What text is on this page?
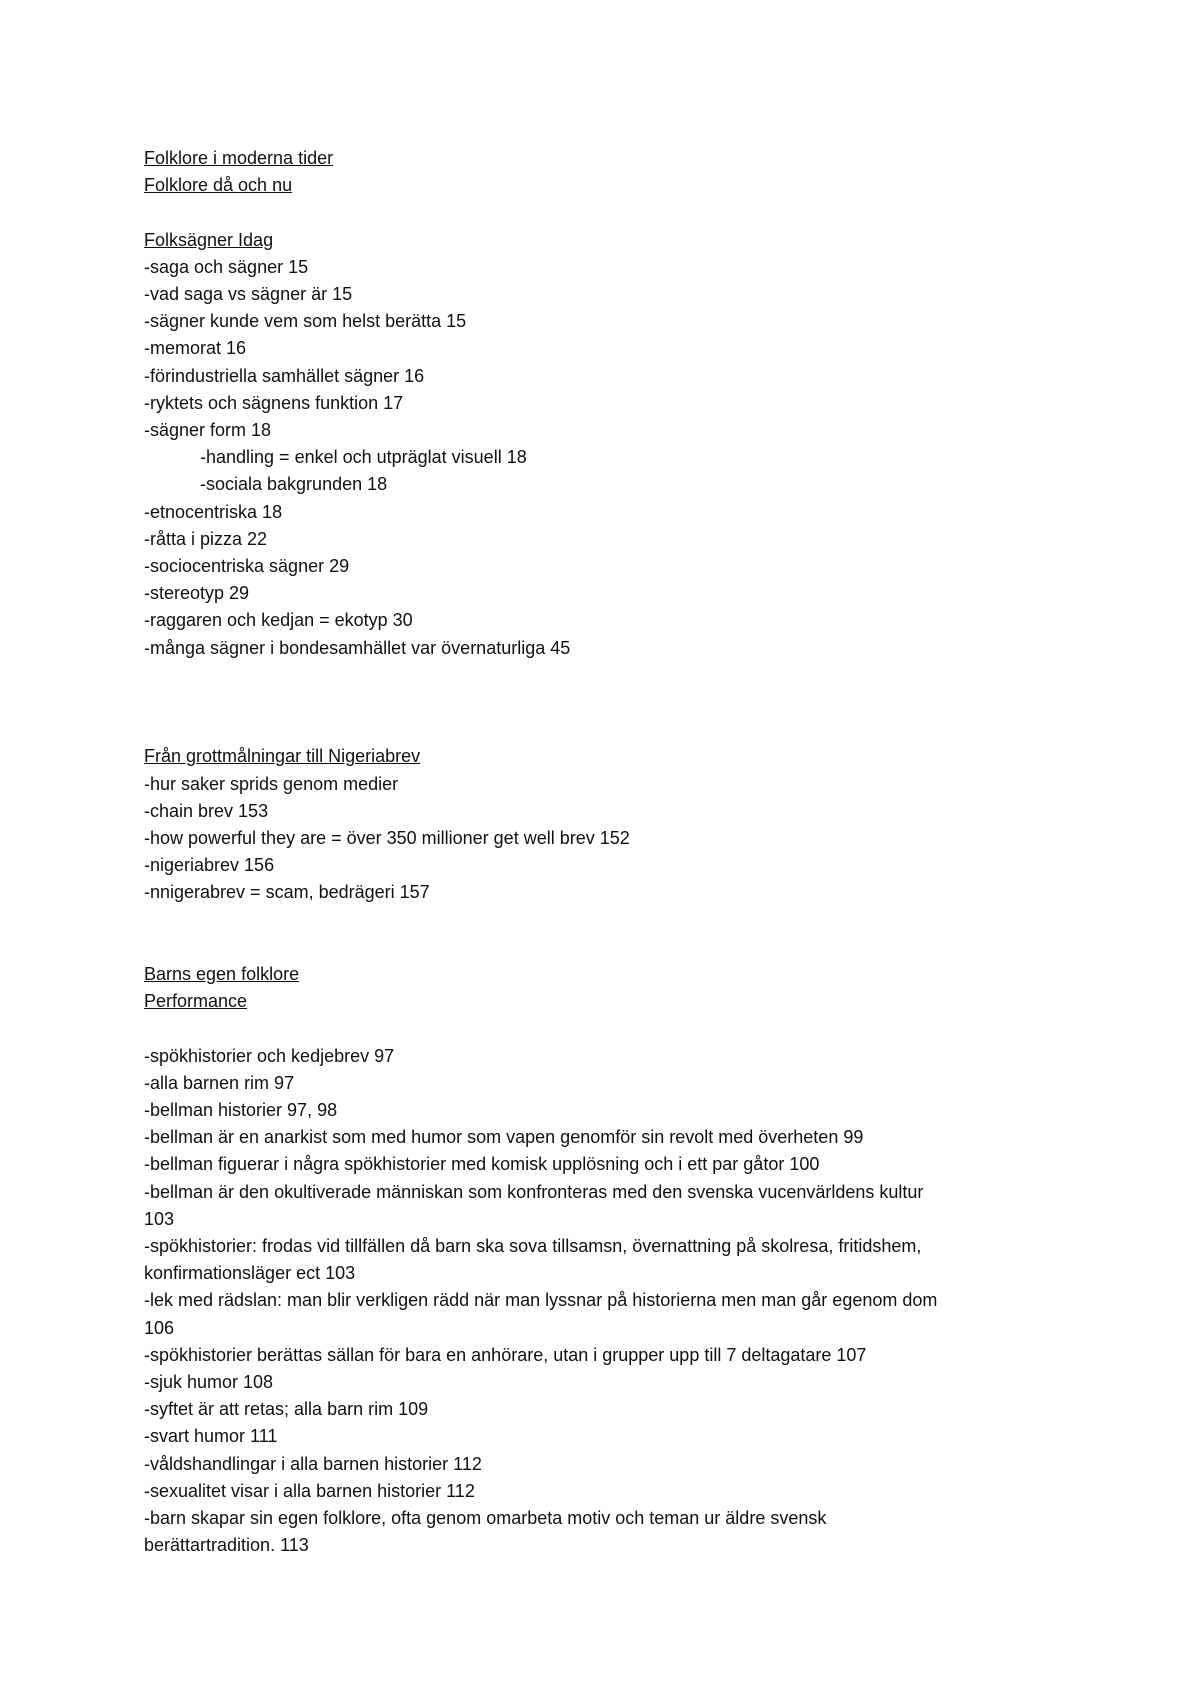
Folklore i moderna tider
Folklore då och nu
Folksägner Idag
-saga och sägner 15
-vad saga vs sägner är 15
-sägner kunde vem som helst berätta 15
-memorat 16
-förindustriella samhället sägner 16
-ryktets och sägnens funktion 17
-sägner form 18
-handling = enkel och utpräglat visuell 18
-sociala bakgrunden 18
-etnocentriska 18
-råtta i pizza 22
-sociocentriska sägner 29
-stereotyp 29
-raggaren och kedjan = ekotyp 30
-många sägner i bondesamhället var övernaturliga 45
Från grottmålningar till Nigeriabrev
-hur saker sprids genom medier
-chain brev 153
-how powerful they are = över 350 millioner get well brev 152
-nigeriabrev 156
-nnigerabrev = scam, bedrägeri 157
Barns egen folklore
Performance
-spökhistorier och kedjebrev 97
-alla barnen rim 97
-bellman historier 97, 98
-bellman är en anarkist som med humor som vapen genomför sin revolt med överheten 99
-bellman figuerar i några spökhistorier med komisk upplösning och i ett par gåtor 100
-bellman är den okultiverade människan som konfronteras med den svenska vucenvärldens kultur
103
-spökhistorier: frodas vid tillfällen då barn ska sova tillsamsn, övernattning på skolresa, fritidshem,
konfirmationsläger ect 103
-lek med rädslan: man blir verkligen rädd när man lyssnar på historierna men man går egenom dom
106
-spökhistorier berättas sällan för bara en anhörare, utan i grupper upp till 7 deltagatare 107
-sjuk humor 108
-syftet är att retas; alla barn rim 109
-svart humor 111
-våldshandlingar i alla barnen historier 112
-sexualitet visar i alla barnen historier 112
-barn skapar sin egen folklore, ofta genom omarbeta motiv och teman ur äldre svensk
berättartradition. 113
